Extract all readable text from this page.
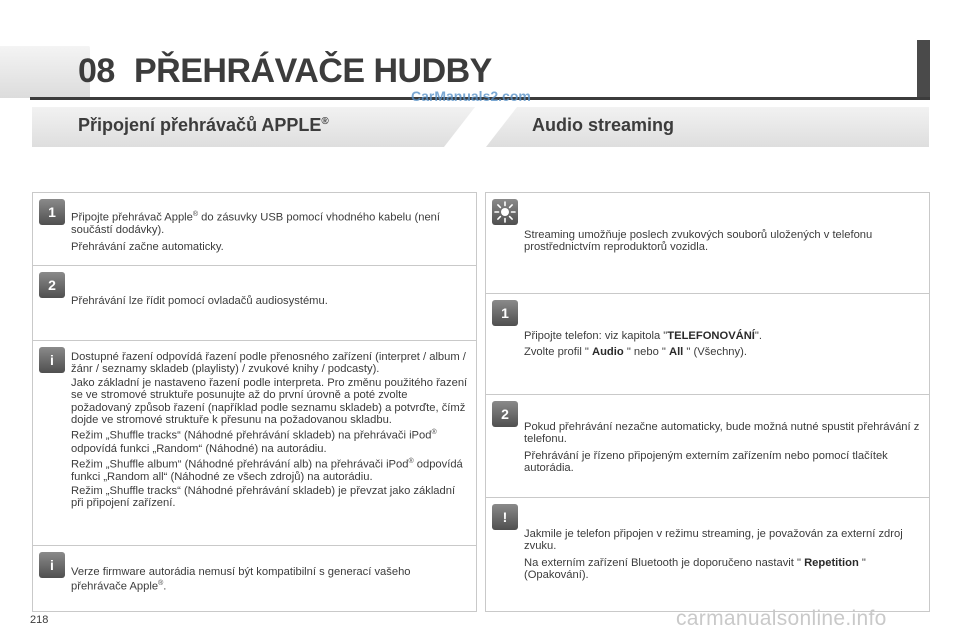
08 PŘEHRÁVAČE HUDBY
CarManuals2.com
Připojení přehrávačů APPLE®	Audio streaming
1	Připojte přehrávač Apple® do zásuvky USB pomocí vhodného kabelu (není součástí dodávky).

Přehrávání začne automaticky.

2

Přehrávání lze řídit pomocí ovladačů audiosystému.

i	Dostupné řazení odpovídá řazení podle přenosného zařízení (interpret / album / žánr / seznamy skladeb (playlisty) / zvukové knihy / podcasty).

Jako základní je nastaveno řazení podle interpreta. Pro změnu použitého řazení se ve stromové struktuře posunujte až do první úrovně a poté zvolte požadovaný způsob řazení (například podle seznamu skladeb) a potvrďte, čímž dojde ve stromové struktuře k přesunu na požadovanou skladbu.

Režim „Shuffle tracks“ (Náhodné přehrávání skladeb) na přehrávači iPod® odpovídá funkci „Random“ (Náhodné) na autorádiu.

Režim „Shuffle album“ (Náhodné přehrávání alb) na přehrávači iPod® odpovídá funkci „Random all“ (Náhodné ze všech zdrojů) na autorádiu.

Režim „Shuffle tracks“ (Náhodné přehrávání skladeb) je převzat jako základní při připojení zařízení.

i	Verze firmware autorádia nemusí být kompatibilní s generací vašeho přehrávače Apple®.

Streaming umožňuje poslech zvukových souborů uložených v telefonu prostřednictvím reproduktorů vozidla.

1

Připojte telefon: viz kapitola "TELEFONOVÁNÍ".

Zvolte profil " Audio " nebo " All " (Všechny).

2

Pokud přehrávání nezačne automaticky, bude možná nutné spustit přehrávání z telefonu.

Přehrávání je řízeno připojeným externím zařízením nebo pomocí tlačítek autorádia.

!

Jakmile je telefon připojen v režimu streaming, je považován za externí zdroj zvuku.

Na externím zařízení Bluetooth je doporučeno nastavit " Repetition " (Opakování).

218	carmanualsonline.info
